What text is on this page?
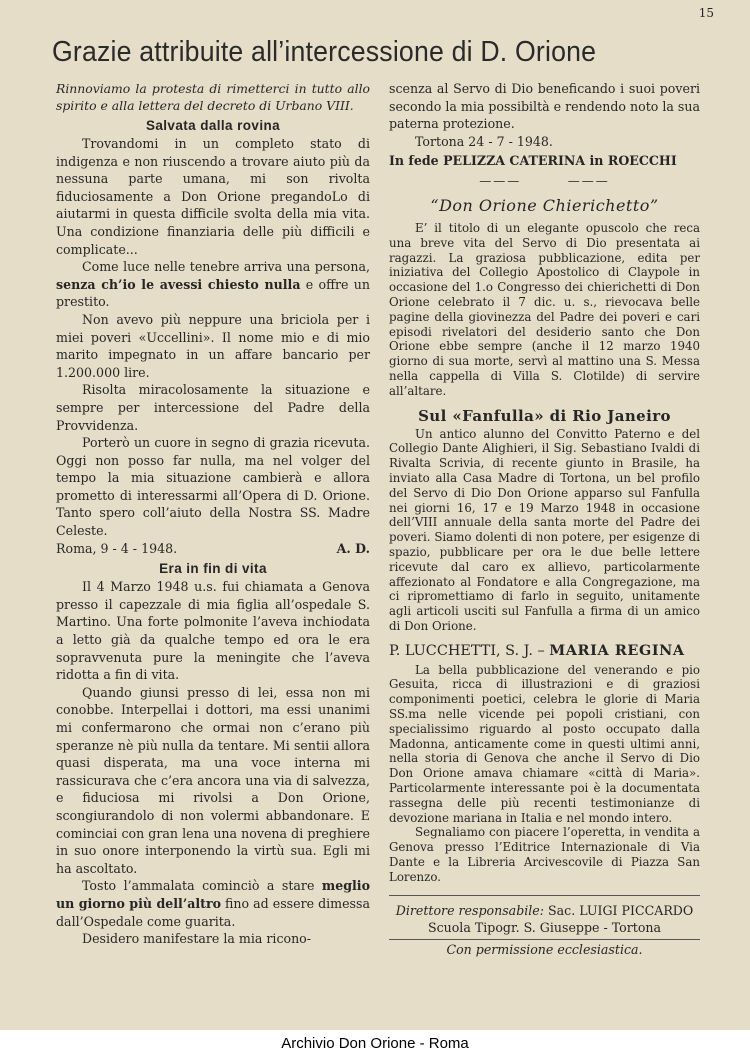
15
Grazie attribuite all’intercessione di D. Orione

Rinnoviamo la protesta di rimetterci in tutto allo spirito e alla lettera del decreto di Urbano VIII.

Salvata dalla rovina

Trovandomi in un completo stato di indigenza e non riuscendo a trovare aiuto più da nessuna parte umana, mi son rivolta fiduciosamente a Don Orione pregandoLo di aiutarmi in questa difficile svolta della mia vita. Una condizione finanziaria delle più difficili e complicate...

Come luce nelle tenebre arriva una persona, senza ch’io le avessi chiesto nulla e offre un prestito.

Non avevo più neppure una briciola per i miei poveri «Uccellini». Il nome mio e di mio marito impegnato in un affare bancario per 1.200.000 lire.

Risolta miracolosamente la situazione e sempre per intercessione del Padre della Provvidenza.

Porterò un cuore in segno di grazia ricevuta. Oggi non posso far nulla, ma nel volger del tempo la mia situazione cambierà e allora prometto di interessarmi all’Opera di D. Orione. Tanto spero coll’aiuto della Nostra SS. Madre Celeste.

Roma, 9 - 4 - 1948.	A. D.

Era in fin di vita

Il 4 Marzo 1948 u.s. fui chiamata a Genova presso il capezzale di mia figlia all’ospedale S. Martino. Una forte polmonite l’aveva inchiodata a letto già da qualche tempo ed ora le era sopravvenuta pure la meningite che l’aveva ridotta a fin di vita.

Quando giunsi presso di lei, essa non mi conobbe. Interpellai i dottori, ma essi unanimi mi confermarono che ormai non c’erano più speranze nè più nulla da tentare. Mi sentii allora quasi disperata, ma una voce interna mi rassicurava che c’era ancora una via di salvezza, e fiduciosa mi rivolsi a Don Orione, scongiurandolo di non volermi abbandonare. E cominciai con gran lena una novena di preghiere in suo onore interponendo la virtù sua. Egli mi ha ascoltato.

Tosto l’ammalata cominciò a stare meglio un giorno più dell’altro fino ad essere dimessa dall’Ospedale come guarita.

Desidero manifestare la mia ricono-

scenza al Servo di Dio beneficando i suoi poveri secondo la mia possibiltà e rendendo noto la sua paterna protezione.

Tortona 24 - 7 - 1948.

In fede PELIZZA CATERINA in ROECCHI

———        ———
“Don Orione Chierichetto”

E’ il titolo di un elegante opuscolo che reca una breve vita del Servo di Dio presentata ai ragazzi. La graziosa pubblicazione, edita per iniziativa del Collegio Apostolico di Claypole in occasione del 1.o Congresso dei chierichetti di Don Orione celebrato il 7 dic. u. s., rievocava belle pagine della giovinezza del Padre dei poveri e cari episodi rivelatori del desiderio santo che Don Orione ebbe sempre (anche il 12 marzo 1940 giorno di sua morte, servì al mattino una S. Messa nella cappella di Villa S. Clotilde) di servire all’altare.

Sul «Fanfulla» di Rio Janeiro

Un antico alunno del Convitto Paterno e del Collegio Dante Alighieri, il Sig. Sebastiano Ivaldi di Rivalta Scrivia, di recente giunto in Brasile, ha inviato alla Casa Madre di Tortona, un bel profilo del Servo di Dio Don Orione apparso sul Fanfulla nei giorni 16, 17 e 19 Marzo 1948 in occasione dell’VIII annuale della santa morte del Padre dei poveri. Siamo dolenti di non potere, per esigenze di spazio, pubblicare per ora le due belle lettere ricevute dal caro ex allievo, particolarmente affezionato al Fondatore e alla Congregazione, ma ci ripromettiamo di farlo in seguito, unitamente agli articoli usciti sul Fanfulla a firma di un amico di Don Orione.

P. LUCCHETTI, S. J. – MARIA REGINA

La bella pubblicazione del venerando e pio Gesuita, ricca di illustrazioni e di graziosi componimenti poetici, celebra le glorie di Maria SS.ma nelle vicende pei popoli cristiani, con specialissimo riguardo al posto occupato dalla Madonna, anticamente come in questi ultimi anni, nella storia di Genova che anche il Servo di Dio Don Orione amava chiamare «città di Maria». Particolarmente interessante poi è la documentata rassegna delle più recenti testimonianze di devozione mariana in Italia e nel mondo intero.

Segnaliamo con piacere l’operetta, in vendita a Genova presso l’Editrice Internazionale di Via Dante e la Libreria Arcivescovile di Piazza San Lorenzo.

Direttore responsabile: Sac. LUIGI PICCARDO
Scuola Tipogr. S. Giuseppe - Tortona
Con permissione ecclesiastica.
Archivio Don Orione - Roma
